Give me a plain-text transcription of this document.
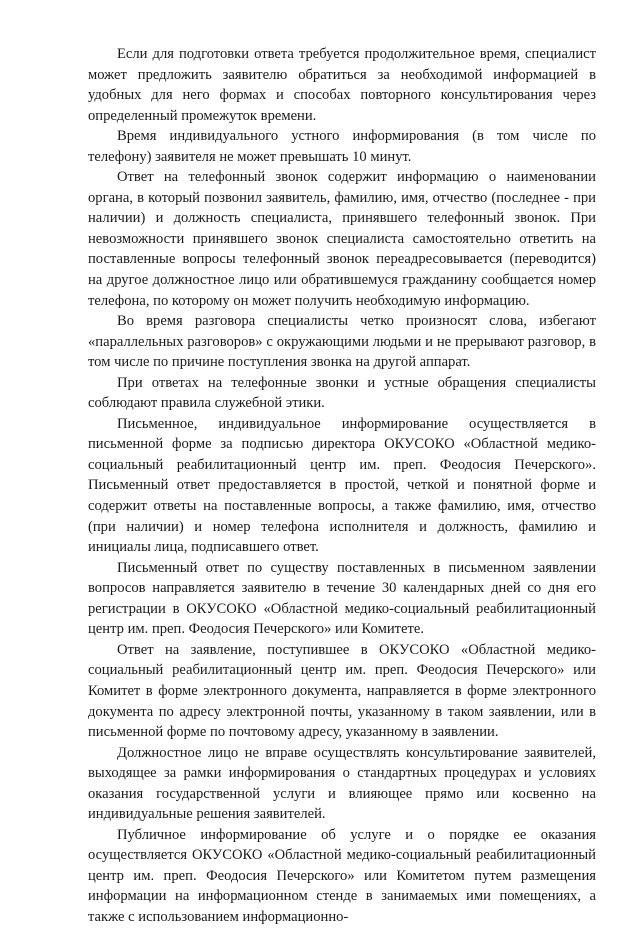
Если для подготовки ответа требуется продолжительное время, специалист может предложить заявителю обратиться за необходимой информацией в удобных для него формах и способах повторного консультирования через определенный промежуток времени.

Время индивидуального устного информирования (в том числе по телефону) заявителя не может превышать 10 минут.

Ответ на телефонный звонок содержит информацию о наименовании органа, в который позвонил заявитель, фамилию, имя, отчество (последнее - при наличии) и должность специалиста, принявшего телефонный звонок. При невозможности принявшего звонок специалиста самостоятельно ответить на поставленные вопросы телефонный звонок переадресовывается (переводится) на другое должностное лицо или обратившемуся гражданину сообщается номер телефона, по которому он может получить необходимую информацию.

Во время разговора специалисты четко произносят слова, избегают «параллельных разговоров» с окружающими людьми и не прерывают разговор, в том числе по причине поступления звонка на другой аппарат.

При ответах на телефонные звонки и устные обращения специалисты соблюдают правила служебной этики.

Письменное, индивидуальное информирование осуществляется в письменной форме за подписью директора ОКУСОКО «Областной медико-социальный реабилитационный центр им. преп. Феодосия Печерского». Письменный ответ предоставляется в простой, четкой и понятной форме и содержит ответы на поставленные вопросы, а также фамилию, имя, отчество (при наличии) и номер телефона исполнителя и должность, фамилию и инициалы лица, подписавшего ответ.

Письменный ответ по существу поставленных в письменном заявлении вопросов направляется заявителю в течение 30 календарных дней со дня его регистрации в ОКУСОКО «Областной медико-социальный реабилитационный центр им. преп. Феодосия Печерского» или Комитете.

Ответ на заявление, поступившее в ОКУСОКО «Областной медико-социальный реабилитационный центр им. преп. Феодосия Печерского» или Комитет в форме электронного документа, направляется в форме электронного документа по адресу электронной почты, указанному в таком заявлении, или в письменной форме по почтовому адресу, указанному в заявлении.

Должностное лицо не вправе осуществлять консультирование заявителей, выходящее за рамки информирования о стандартных процедурах и условиях оказания государственной услуги и влияющее прямо или косвенно на индивидуальные решения заявителей.

Публичное информирование об услуге и о порядке ее оказания осуществляется ОКУСОКО «Областной медико-социальный реабилитационный центр им. преп. Феодосия Печерского» или Комитетом путем размещения информации на информационном стенде в занимаемых ими помещениях, а также с использованием информационно-
